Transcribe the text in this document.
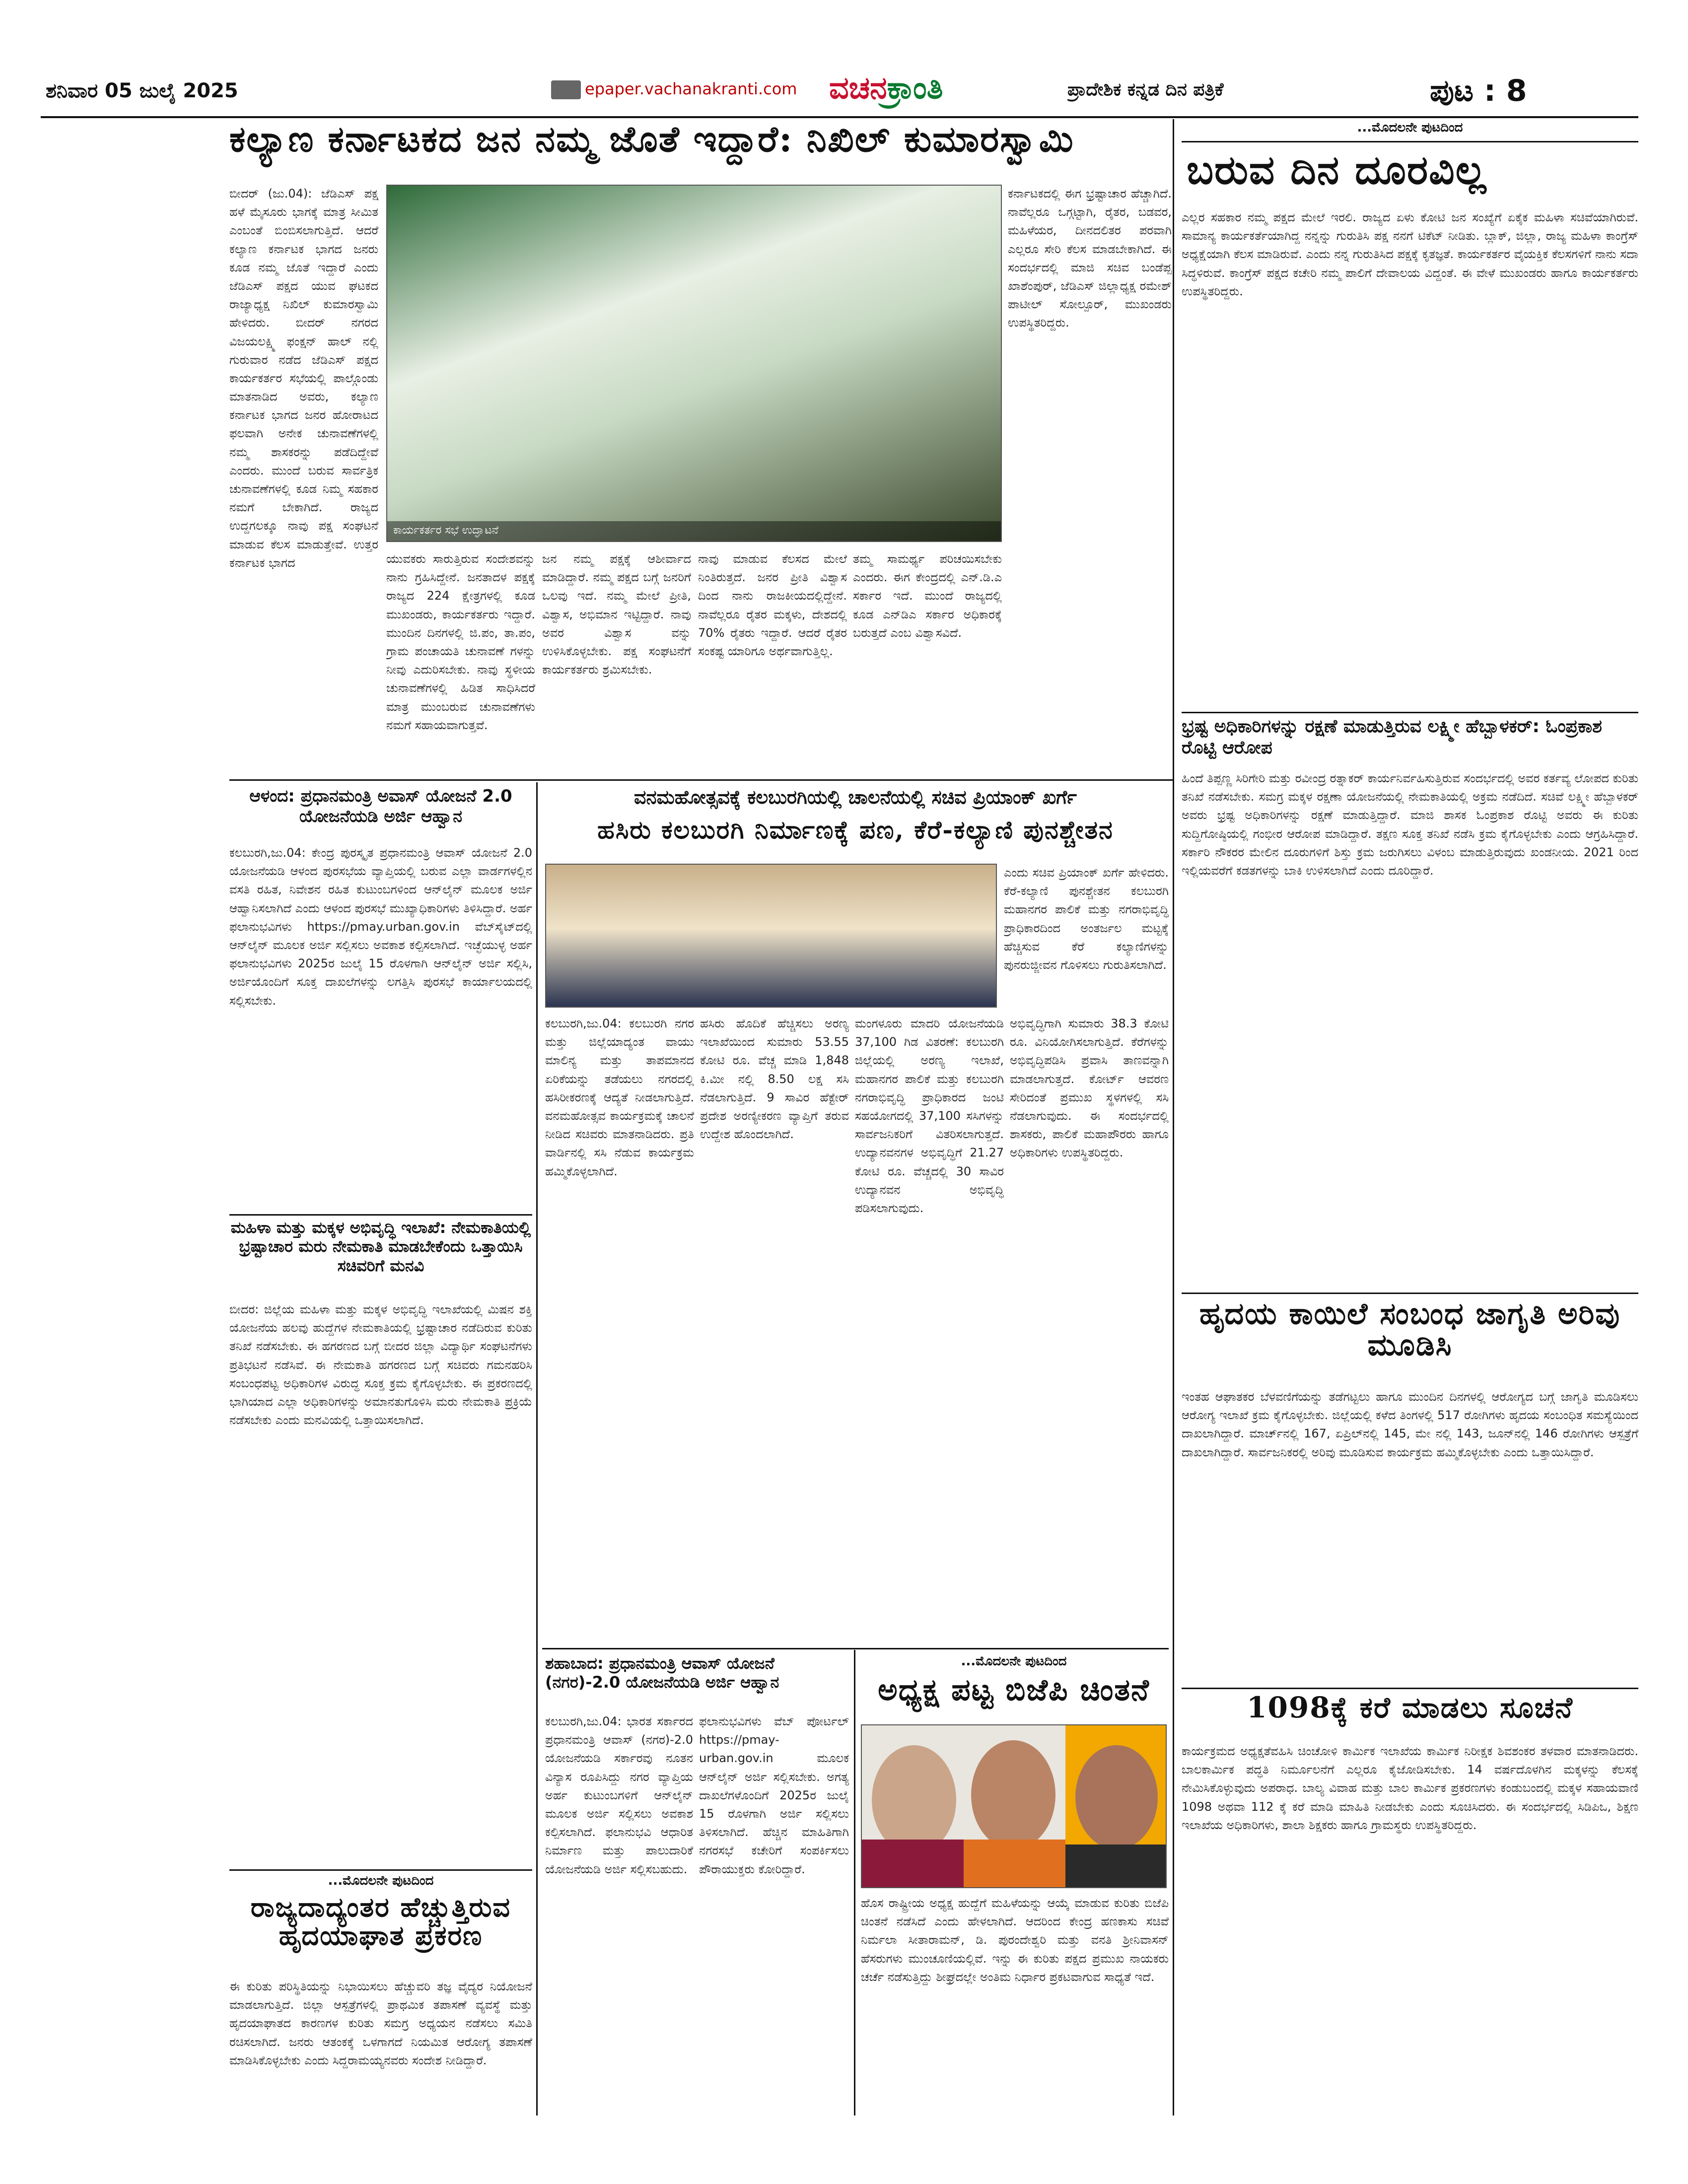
ಶನಿವಾರ 05 ಜುಲೈ 2025	epaper.vachanakranti.com	ವಚನಕ್ರಾಂತಿ	ಪ್ರಾದೇಶಿಕ ಕನ್ನಡ ದಿನ ಪತ್ರಿಕೆ	ಪುಟ : 8
ಕಲ್ಯಾಣ ಕರ್ನಾಟಕದ ಜನ ನಮ್ಮ ಜೊತೆ ಇದ್ದಾರೆ: ನಿಖಿಲ್ ಕುಮಾರಸ್ವಾಮಿ
ಬೀದರ್ (ಜು.04): ಜೆಡಿಎಸ್ ಪಕ್ಷ ಹಳೆ ಮೈಸೂರು ಭಾಗಕ್ಕೆ ಮಾತ್ರ ಸೀಮಿತ ಎಂಬಂತೆ ಬಿಂಬಿಸಲಾಗುತ್ತಿದೆ. ಆದರೆ ಕಲ್ಯಾಣ ಕರ್ನಾಟಕ ಭಾಗದ ಜನರು ಕೂಡ ನಮ್ಮ ಜೊತೆ ಇದ್ದಾರೆ ಎಂದು ಜೆಡಿಎಸ್ ಪಕ್ಷದ ಯುವ ಘಟಕದ ರಾಜ್ಯಾಧ್ಯಕ್ಷ ನಿಖಿಲ್ ಕುಮಾರಸ್ವಾಮಿ ಹೇಳಿದರು. ಬೀದರ್ ನಗರದ ವಿಜಯಲಕ್ಷ್ಮಿ ಫಂಕ್ಷನ್ ಹಾಲ್ ನಲ್ಲಿ ಗುರುವಾರ ನಡೆದ ಜೆಡಿಎಸ್ ಪಕ್ಷದ ಕಾರ್ಯಕರ್ತರ ಸಭೆಯಲ್ಲಿ ಪಾಲ್ಗೊಂಡು ಮಾತನಾಡಿದ ಅವರು, ಕಲ್ಯಾಣ ಕರ್ನಾಟಕ ಭಾಗದ ಜನರ ಹೋರಾಟದ ಫಲವಾಗಿ ಅನೇಕ ಚುನಾವಣೆಗಳಲ್ಲಿ ನಮ್ಮ ಶಾಸಕರನ್ನು ಪಡೆದಿದ್ದೇವೆ ಎಂದರು. ಮುಂದೆ ಬರುವ ಸಾರ್ವತ್ರಿಕ ಚುನಾವಣೆಗಳಲ್ಲಿ ಕೂಡ ನಿಮ್ಮ ಸಹಕಾರ ನಮಗೆ ಬೇಕಾಗಿದೆ. ರಾಜ್ಯದ ಉದ್ದಗಲಕ್ಕೂ ನಾವು ಪಕ್ಷ ಸಂಘಟನೆ ಮಾಡುವ ಕೆಲಸ ಮಾಡುತ್ತೇವೆ. ಉತ್ತರ ಕರ್ನಾಟಕ ಭಾಗದ
ಕಾರ್ಯಕರ್ತರ ಸಭೆ ಉದ್ಘಾಟನೆ
ಕರ್ನಾಟಕದಲ್ಲಿ ಈಗ ಭ್ರಷ್ಟಾಚಾರ ಹೆಚ್ಚಾಗಿದೆ. ನಾವೆಲ್ಲರೂ ಒಗ್ಗಟ್ಟಾಗಿ, ರೈತರ, ಬಡವರ, ಮಹಿಳೆಯರ, ದೀನದಲಿತರ ಪರವಾಗಿ ಎಲ್ಲರೂ ಸೇರಿ ಕೆಲಸ ಮಾಡಬೇಕಾಗಿದೆ. ಈ ಸಂದರ್ಭದಲ್ಲಿ ಮಾಜಿ ಸಚಿವ ಬಂಡೆಪ್ಪ ಖಾಶೆಂಪುರ್, ಜೆಡಿಎಸ್ ಜಿಲ್ಲಾಧ್ಯಕ್ಷ ರಮೇಶ್ ಪಾಟೀಲ್ ಸೋಲ್ಪೂರ್, ಮುಖಂಡರು ಉಪಸ್ಥಿತರಿದ್ದರು.
ಯುವಕರು ಸಾರುತ್ತಿರುವ ಸಂದೇಶವನ್ನು ನಾನು ಗ್ರಹಿಸಿದ್ದೇನೆ. ಜನತಾದಳ ಪಕ್ಷಕ್ಕೆ ರಾಜ್ಯದ 224 ಕ್ಷೇತ್ರಗಳಲ್ಲಿ ಕೂಡ ಮುಖಂಡರು, ಕಾರ್ಯಕರ್ತರು ಇದ್ದಾರೆ. ಮುಂದಿನ ದಿನಗಳಲ್ಲಿ ಜಿ.ಪಂ, ತಾ.ಪಂ, ಗ್ರಾಮ ಪಂಚಾಯತಿ ಚುನಾವಣೆ ಗಳನ್ನು ನೀವು ಎದುರಿಸಬೇಕು. ನಾವು ಸ್ಥಳೀಯ ಚುನಾವಣೆಗಳಲ್ಲಿ ಹಿಡಿತ ಸಾಧಿಸಿದರೆ ಮಾತ್ರ ಮುಂಬರುವ ಚುನಾವಣೆಗಳು ನಮಗೆ ಸಹಾಯವಾಗುತ್ತವೆ.
ಜನ ನಮ್ಮ ಪಕ್ಷಕ್ಕೆ ಆಶೀರ್ವಾದ ಮಾಡಿದ್ದಾರೆ. ನಮ್ಮ ಪಕ್ಷದ ಬಗ್ಗೆ ಜನರಿಗೆ ಒಲವು ಇದೆ. ನಮ್ಮ ಮೇಲೆ ಪ್ರೀತಿ, ವಿಶ್ವಾಸ, ಅಭಿಮಾನ ಇಟ್ಟಿದ್ದಾರೆ. ನಾವು ಅವರ ವಿಶ್ವಾಸ ವನ್ನು ಉಳಿಸಿಕೊಳ್ಳಬೇಕು. ಪಕ್ಷ ಸಂಘಟನೆಗೆ ಕಾರ್ಯಕರ್ತರು ಶ್ರಮಿಸಬೇಕು.
ನಾವು ಮಾಡುವ ಕೆಲಸದ ಮೇಲೆ ನಿಂತಿರುತ್ತದೆ. ಜನರ ಪ್ರೀತಿ ವಿಶ್ವಾಸ ದಿಂದ ನಾನು ರಾಜಕೀಯದಲ್ಲಿದ್ದೇನೆ. ನಾವೆಲ್ಲರೂ ರೈತರ ಮಕ್ಕಳು, ದೇಶದಲ್ಲಿ 70% ರೈತರು ಇದ್ದಾರೆ. ಆದರೆ ರೈತರ ಸಂಕಷ್ಟ ಯಾರಿಗೂ ಅರ್ಥವಾಗುತ್ತಿಲ್ಲ.
ತಮ್ಮ ಸಾಮರ್ಥ್ಯ ಪರಿಚಯಿಸಬೇಕು ಎಂದರು. ಈಗ ಕೇಂದ್ರದಲ್ಲಿ ಎನ್.ಡಿ.ಎ ಸರ್ಕಾರ ಇದೆ. ಮುಂದೆ ರಾಜ್ಯದಲ್ಲಿ ಕೂಡ ಎನ್‌ಡಿಎ ಸರ್ಕಾರ ಅಧಿಕಾರಕ್ಕೆ ಬರುತ್ತದೆ ಎಂಬ ವಿಶ್ವಾಸವಿದೆ.
...ಮೊದಲನೇ ಪುಟದಿಂದ
ಬರುವ ದಿನ ದೂರವಿಲ್ಲ
ಎಲ್ಲರ ಸಹಕಾರ ನಮ್ಮ ಪಕ್ಷದ ಮೇಲೆ ಇರಲಿ. ರಾಜ್ಯದ ಏಳು ಕೋಟಿ ಜನ ಸಂಖ್ಯೆಗೆ ಏಕೈಕ ಮಹಿಳಾ ಸಚಿವೆಯಾಗಿರುವೆ. ಸಾಮಾನ್ಯ ಕಾರ್ಯಕರ್ತೆಯಾಗಿದ್ದ ನನ್ನನ್ನು ಗುರುತಿಸಿ ಪಕ್ಷ ನನಗೆ ಟಿಕೆಟ್ ನೀಡಿತು. ಬ್ಲಾಕ್, ಜಿಲ್ಲಾ, ರಾಜ್ಯ ಮಹಿಳಾ ಕಾಂಗ್ರೆಸ್ ಅಧ್ಯಕ್ಷೆಯಾಗಿ ಕೆಲಸ ಮಾಡಿರುವೆ. ಎಂದು ನನ್ನ ಗುರುತಿಸಿದ ಪಕ್ಷಕ್ಕೆ ಕೃತಜ್ಞತೆ. ಕಾರ್ಯಕರ್ತರ ವೈಯಕ್ತಿಕ ಕೆಲಸಗಳಿಗೆ ನಾನು ಸದಾ ಸಿದ್ಧಳಿರುವೆ. ಕಾಂಗ್ರೆಸ್ ಪಕ್ಷದ ಕಚೇರಿ ನಮ್ಮ ಪಾಲಿಗೆ ದೇವಾಲಯ ವಿದ್ದಂತೆ. ಈ ವೇಳೆ ಮುಖಂಡರು ಹಾಗೂ ಕಾರ್ಯಕರ್ತರು ಉಪಸ್ಥಿತರಿದ್ದರು.
ಭ್ರಷ್ಟ ಅಧಿಕಾರಿಗಳನ್ನು ರಕ್ಷಣೆ ಮಾಡುತ್ತಿರುವ ಲಕ್ಷ್ಮೀ ಹೆಬ್ಬಾಳಕರ್: ಓಂಪ್ರಕಾಶ ರೊಟ್ಟಿ ಆರೋಪ
ಹಿಂದೆ ತಿಪ್ಪಣ್ಣ ಸಿರಿಗೇರಿ ಮತ್ತು ರವೀಂದ್ರ ರತ್ನಾಕರ್ ಕಾರ್ಯನಿರ್ವಹಿಸುತ್ತಿರುವ ಸಂದರ್ಭದಲ್ಲಿ ಅವರ ಕರ್ತವ್ಯ ಲೋಪದ ಕುರಿತು ತನಿಖೆ ನಡೆಸಬೇಕು. ಸಮಗ್ರ ಮಕ್ಕಳ ರಕ್ಷಣಾ ಯೋಜನೆಯಲ್ಲಿ ನೇಮಕಾತಿಯಲ್ಲಿ ಅಕ್ರಮ ನಡೆದಿದೆ. ಸಚಿವೆ ಲಕ್ಷ್ಮೀ ಹೆಬ್ಬಾಳಕರ್ ಅವರು ಭ್ರಷ್ಟ ಅಧಿಕಾರಿಗಳನ್ನು ರಕ್ಷಣೆ ಮಾಡುತ್ತಿದ್ದಾರೆ. ಮಾಜಿ ಶಾಸಕ ಓಂಪ್ರಕಾಶ ರೊಟ್ಟಿ ಅವರು ಈ ಕುರಿತು ಸುದ್ದಿಗೋಷ್ಠಿಯಲ್ಲಿ ಗಂಭೀರ ಆರೋಪ ಮಾಡಿದ್ದಾರೆ. ತಕ್ಷಣ ಸೂಕ್ತ ತನಿಖೆ ನಡೆಸಿ ಕ್ರಮ ಕೈಗೊಳ್ಳಬೇಕು ಎಂದು ಆಗ್ರಹಿಸಿದ್ದಾರೆ. ಸರ್ಕಾರಿ ನೌಕರರ ಮೇಲಿನ ದೂರುಗಳಿಗೆ ಶಿಸ್ತು ಕ್ರಮ ಜರುಗಿಸಲು ವಿಳಂಬ ಮಾಡುತ್ತಿರುವುದು ಖಂಡನೀಯ. 2021 ರಿಂದ ಇಲ್ಲಿಯವರೆಗೆ ಕಡತಗಳನ್ನು ಬಾಕಿ ಉಳಿಸಲಾಗಿದೆ ಎಂದು ದೂರಿದ್ದಾರೆ.
ಹೃದಯ ಕಾಯಿಲೆ ಸಂಬಂಧ ಜಾಗೃತಿ ಅರಿವು ಮೂಡಿಸಿ
ಇಂತಹ ಆಘಾತಕರ ಬೆಳವಣಿಗೆಯನ್ನು ತಡೆಗಟ್ಟಲು ಹಾಗೂ ಮುಂದಿನ ದಿನಗಳಲ್ಲಿ ಆರೋಗ್ಯದ ಬಗ್ಗೆ ಜಾಗೃತಿ ಮೂಡಿಸಲು ಆರೋಗ್ಯ ಇಲಾಖೆ ಕ್ರಮ ಕೈಗೊಳ್ಳಬೇಕು. ಜಿಲ್ಲೆಯಲ್ಲಿ ಕಳೆದ ತಿಂಗಳಲ್ಲಿ 517 ರೋಗಿಗಳು ಹೃದಯ ಸಂಬಂಧಿತ ಸಮಸ್ಯೆಯಿಂದ ದಾಖಲಾಗಿದ್ದಾರೆ. ಮಾರ್ಚ್‌ನಲ್ಲಿ 167, ಏಪ್ರಿಲ್‌ನಲ್ಲಿ 145, ಮೇ ನಲ್ಲಿ 143, ಜೂನ್‌ನಲ್ಲಿ 146 ರೋಗಿಗಳು ಆಸ್ಪತ್ರೆಗೆ ದಾಖಲಾಗಿದ್ದಾರೆ. ಸಾರ್ವಜನಿಕರಲ್ಲಿ ಅರಿವು ಮೂಡಿಸುವ ಕಾರ್ಯಕ್ರಮ ಹಮ್ಮಿಕೊಳ್ಳಬೇಕು ಎಂದು ಒತ್ತಾಯಿಸಿದ್ದಾರೆ.
1098ಕ್ಕೆ ಕರೆ ಮಾಡಲು ಸೂಚನೆ
ಕಾರ್ಯಕ್ರಮದ ಅಧ್ಯಕ್ಷತೆವಹಿಸಿ ಚಿಂಚೋಳಿ ಕಾರ್ಮಿಕ ಇಲಾಖೆಯ ಕಾರ್ಮಿಕ ನಿರೀಕ್ಷಕ ಶಿವಶಂಕರ ತಳವಾರ ಮಾತನಾಡಿದರು. ಬಾಲಕಾರ್ಮಿಕ ಪದ್ಧತಿ ನಿರ್ಮೂಲನೆಗೆ ಎಲ್ಲರೂ ಕೈಜೋಡಿಸಬೇಕು. 14 ವರ್ಷದೊಳಗಿನ ಮಕ್ಕಳನ್ನು ಕೆಲಸಕ್ಕೆ ನೇಮಿಸಿಕೊಳ್ಳುವುದು ಅಪರಾಧ. ಬಾಲ್ಯ ವಿವಾಹ ಮತ್ತು ಬಾಲ ಕಾರ್ಮಿಕ ಪ್ರಕರಣಗಳು ಕಂಡುಬಂದಲ್ಲಿ ಮಕ್ಕಳ ಸಹಾಯವಾಣಿ 1098 ಅಥವಾ 112 ಕ್ಕೆ ಕರೆ ಮಾಡಿ ಮಾಹಿತಿ ನೀಡಬೇಕು ಎಂದು ಸೂಚಿಸಿದರು. ಈ ಸಂದರ್ಭದಲ್ಲಿ ಸಿಡಿಪಿಒ, ಶಿಕ್ಷಣ ಇಲಾಖೆಯ ಅಧಿಕಾರಿಗಳು, ಶಾಲಾ ಶಿಕ್ಷಕರು ಹಾಗೂ ಗ್ರಾಮಸ್ಥರು ಉಪಸ್ಥಿತರಿದ್ದರು.
ಆಳಂದ: ಪ್ರಧಾನಮಂತ್ರಿ ಅವಾಸ್ ಯೋಜನೆ 2.0 ಯೋಜನೆಯಡಿ ಅರ್ಜಿ ಆಹ್ವಾನ
ಕಲಬುರಗಿ,ಜು.04: ಕೇಂದ್ರ ಪುರಸ್ಕೃತ ಪ್ರಧಾನಮಂತ್ರಿ ಆವಾಸ್ ಯೋಜನೆ 2.0 ಯೋಜನೆಯಡಿ ಆಳಂದ ಪುರಸಭೆಯ ವ್ಯಾಪ್ತಿಯಲ್ಲಿ ಬರುವ ಎಲ್ಲಾ ವಾರ್ಡಗಳಲ್ಲಿನ ವಸತಿ ರಹಿತ, ನಿವೇಶನ ರಹಿತ ಕುಟುಂಬಗಳಿಂದ ಆನ್‌ಲೈನ್ ಮೂಲಕ ಅರ್ಜಿ ಆಹ್ವಾನಿಸಲಾಗಿದೆ ಎಂದು ಆಳಂದ ಪುರಸಭೆ ಮುಖ್ಯಾಧಿಕಾರಿಗಳು ತಿಳಿಸಿದ್ದಾರೆ. ಅರ್ಹ ಫಲಾನುಭವಿಗಳು https://pmay.urban.gov.in ವೆಬ್‌ಸೈಟ್‌ದಲ್ಲಿ ಆನ್‌ಲೈನ್ ಮೂಲಕ ಅರ್ಜಿ ಸಲ್ಲಿಸಲು ಅವಕಾಶ ಕಲ್ಪಿಸಲಾಗಿದೆ. ಇಚ್ಛೆಯುಳ್ಳ ಅರ್ಹ ಫಲಾನುಭವಿಗಳು 2025ರ ಜುಲೈ 15 ರೊಳಗಾಗಿ ಆನ್‌ಲೈನ್ ಅರ್ಜಿ ಸಲ್ಲಿಸಿ, ಅರ್ಜಿಯೊಂದಿಗೆ ಸೂಕ್ತ ದಾಖಲೆಗಳನ್ನು ಲಗತ್ತಿಸಿ ಪುರಸಭೆ ಕಾರ್ಯಾಲಯದಲ್ಲಿ ಸಲ್ಲಿಸಬೇಕು.
ಮಹಿಳಾ ಮತ್ತು ಮಕ್ಕಳ ಅಭಿವೃದ್ಧಿ ಇಲಾಖೆ: ನೇಮಕಾತಿಯಲ್ಲಿ ಭ್ರಷ್ಟಾಚಾರ ಮರು ನೇಮಕಾತಿ ಮಾಡಬೇಕೆಂದು ಒತ್ತಾಯಿಸಿ ಸಚಿವರಿಗೆ ಮನವಿ
ಬೀದರ: ಜಿಲ್ಲೆಯ ಮಹಿಳಾ ಮತ್ತು ಮಕ್ಕಳ ಅಭಿವೃದ್ಧಿ ಇಲಾಖೆಯಲ್ಲಿ ಮಿಷನ ಶಕ್ತಿ ಯೋಜನೆಯ ಹಲವು ಹುದ್ದೆಗಳ ನೇಮಕಾತಿಯಲ್ಲಿ ಭ್ರಷ್ಟಾಚಾರ ನಡೆದಿರುವ ಕುರಿತು ತನಿಖೆ ನಡೆಸಬೇಕು. ಈ ಹಗರಣದ ಬಗ್ಗೆ ಬೀದರ ಜಿಲ್ಲಾ ವಿದ್ಯಾರ್ಥಿ ಸಂಘಟನೆಗಳು ಪ್ರತಿಭಟನೆ ನಡೆಸಿವೆ. ಈ ನೇಮಕಾತಿ ಹಗರಣದ ಬಗ್ಗೆ ಸಚಿವರು ಗಮನಹರಿಸಿ ಸಂಬಂಧಪಟ್ಟ ಅಧಿಕಾರಿಗಳ ವಿರುದ್ಧ ಸೂಕ್ತ ಕ್ರಮ ಕೈಗೊಳ್ಳಬೇಕು. ಈ ಪ್ರಕರಣದಲ್ಲಿ ಭಾಗಿಯಾದ ಎಲ್ಲಾ ಅಧಿಕಾರಿಗಳನ್ನು ಅಮಾನತುಗೊಳಿಸಿ ಮರು ನೇಮಕಾತಿ ಪ್ರಕ್ರಿಯೆ ನಡೆಸಬೇಕು ಎಂದು ಮನವಿಯಲ್ಲಿ ಒತ್ತಾಯಿಸಲಾಗಿದೆ.
...ಮೊದಲನೇ ಪುಟದಿಂದ
ರಾಜ್ಯದಾದ್ಯಂತರ ಹೆಚ್ಚುತ್ತಿರುವ ಹೃದಯಾಘಾತ ಪ್ರಕರಣ
ಈ ಕುರಿತು ಪರಿಸ್ಥಿತಿಯನ್ನು ನಿಭಾಯಿಸಲು ಹೆಚ್ಚುವರಿ ತಜ್ಞ ವೈದ್ಯರ ನಿಯೋಜನೆ ಮಾಡಲಾಗುತ್ತಿದೆ. ಜಿಲ್ಲಾ ಆಸ್ಪತ್ರೆಗಳಲ್ಲಿ ಪ್ರಾಥಮಿಕ ತಪಾಸಣೆ ವ್ಯವಸ್ಥೆ ಮತ್ತು ಹೃದಯಾಘಾತದ ಕಾರಣಗಳ ಕುರಿತು ಸಮಗ್ರ ಅಧ್ಯಯನ ನಡೆಸಲು ಸಮಿತಿ ರಚಿಸಲಾಗಿದೆ. ಜನರು ಆತಂಕಕ್ಕೆ ಒಳಗಾಗದೆ ನಿಯಮಿತ ಆರೋಗ್ಯ ತಪಾಸಣೆ ಮಾಡಿಸಿಕೊಳ್ಳಬೇಕು ಎಂದು ಸಿದ್ದರಾಮಯ್ಯನವರು ಸಂದೇಶ ನೀಡಿದ್ದಾರೆ.
ವನಮಹೋತ್ಸವಕ್ಕೆ ಕಲಬುರಗಿಯಲ್ಲಿ ಚಾಲನೆಯಲ್ಲಿ ಸಚಿವ ಪ್ರಿಯಾಂಕ್ ಖರ್ಗೆ
ಹಸಿರು ಕಲಬುರಗಿ ನಿರ್ಮಾಣಕ್ಕೆ ಪಣ, ಕೆರೆ-ಕಲ್ಯಾಣಿ ಪುನಶ್ಚೇತನ
ಎಂದು ಸಚಿವ ಪ್ರಿಯಾಂಕ್ ಖರ್ಗೆ ಹೇಳಿದರು. ಕೆರೆ-ಕಲ್ಯಾಣಿ ಪುನಶ್ಚೇತನ ಕಲಬುರಗಿ ಮಹಾನಗರ ಪಾಲಿಕೆ ಮತ್ತು ನಗರಾಭಿವೃದ್ಧಿ ಪ್ರಾಧಿಕಾರದಿಂದ ಅಂತರ್ಜಲ ಮಟ್ಟಕ್ಕೆ ಹೆಚ್ಚಿಸುವ ಕೆರೆ ಕಲ್ಯಾಣಿಗಳನ್ನು ಪುನರುಜ್ಜೀವನ ಗೊಳಿಸಲು ಗುರುತಿಸಲಾಗಿದೆ.
ಕಲಬುರಗಿ,ಜು.04: ಕಲಬುರಗಿ ನಗರ ಮತ್ತು ಜಿಲ್ಲೆಯಾದ್ಯಂತ ವಾಯು ಮಾಲಿನ್ಯ ಮತ್ತು ತಾಪಮಾನದ ಏರಿಕೆಯನ್ನು ತಡೆಯಲು ನಗರದಲ್ಲಿ ಹಸಿರೀಕರಣಕ್ಕೆ ಆದ್ಯತೆ ನೀಡಲಾಗುತ್ತಿದೆ. ವನಮಹೋತ್ಸವ ಕಾರ್ಯಕ್ರಮಕ್ಕೆ ಚಾಲನೆ ನೀಡಿದ ಸಚಿವರು ಮಾತನಾಡಿದರು. ಪ್ರತಿ ವಾರ್ಡಿನಲ್ಲಿ ಸಸಿ ನೆಡುವ ಕಾರ್ಯಕ್ರಮ ಹಮ್ಮಿಕೊಳ್ಳಲಾಗಿದೆ.
ಹಸಿರು ಹೊದಿಕೆ ಹೆಚ್ಚಿಸಲು ಅರಣ್ಯ ಇಲಾಖೆಯಿಂದ ಸುಮಾರು 53.55 ಕೋಟಿ ರೂ. ವೆಚ್ಚ ಮಾಡಿ 1,848 ಕಿ.ಮೀ ನಲ್ಲಿ 8.50 ಲಕ್ಷ ಸಸಿ ನೆಡಲಾಗುತ್ತಿದೆ. 9 ಸಾವಿರ ಹೆಕ್ಟೇರ್ ಪ್ರದೇಶ ಅರಣ್ಯೀಕರಣ ವ್ಯಾಪ್ತಿಗೆ ತರುವ ಉದ್ದೇಶ ಹೊಂದಲಾಗಿದೆ.
ಮಂಗಳೂರು ಮಾದರಿ ಯೋಜನೆಯಡಿ 37,100 ಗಿಡ ವಿತರಣೆ: ಕಲಬುರಗಿ ಜಿಲ್ಲೆಯಲ್ಲಿ ಅರಣ್ಯ ಇಲಾಖೆ, ಮಹಾನಗರ ಪಾಲಿಕೆ ಮತ್ತು ಕಲಬುರಗಿ ನಗರಾಭಿವೃದ್ಧಿ ಪ್ರಾಧಿಕಾರದ ಜಂಟಿ ಸಹಯೋಗದಲ್ಲಿ 37,100 ಸಸಿಗಳನ್ನು ಸಾರ್ವಜನಿಕರಿಗೆ ವಿತರಿಸಲಾಗುತ್ತದೆ. ಉದ್ಯಾನವನಗಳ ಅಭಿವೃದ್ಧಿಗೆ 21.27 ಕೋಟಿ ರೂ. ವೆಚ್ಚದಲ್ಲಿ 30 ಸಾವಿರ ಉದ್ಯಾನವನ ಅಭಿವೃದ್ಧಿ ಪಡಿಸಲಾಗುವುದು.
ಅಭಿವೃದ್ಧಿಗಾಗಿ ಸುಮಾರು 38.3 ಕೋಟಿ ರೂ. ವಿನಿಯೋಗಿಸಲಾಗುತ್ತಿದೆ. ಕೆರೆಗಳನ್ನು ಅಭಿವೃದ್ಧಿಪಡಿಸಿ ಪ್ರವಾಸಿ ತಾಣವನ್ನಾಗಿ ಮಾಡಲಾಗುತ್ತದೆ. ಕೋರ್ಟ್ ಆವರಣ ಸೇರಿದಂತೆ ಪ್ರಮುಖ ಸ್ಥಳಗಳಲ್ಲಿ ಸಸಿ ನೆಡಲಾಗುವುದು. ಈ ಸಂದರ್ಭದಲ್ಲಿ ಶಾಸಕರು, ಪಾಲಿಕೆ ಮಹಾಪೌರರು ಹಾಗೂ ಅಧಿಕಾರಿಗಳು ಉಪಸ್ಥಿತರಿದ್ದರು.
ಶಹಾಬಾದ: ಪ್ರಧಾನಮಂತ್ರಿ ಆವಾಸ್ ಯೋಜನೆ (ನಗರ)-2.0 ಯೋಜನೆಯಡಿ ಅರ್ಜಿ ಆಹ್ವಾನ
ಕಲಬುರಗಿ,ಜು.04: ಭಾರತ ಸರ್ಕಾರದ ಪ್ರಧಾನಮಂತ್ರಿ ಆವಾಸ್ (ನಗರ)-2.0 ಯೋಜನೆಯಡಿ ಸರ್ಕಾರವು ನೂತನ ವಿನ್ಯಾಸ ರೂಪಿಸಿದ್ದು ನಗರ ವ್ಯಾಪ್ತಿಯ ಅರ್ಹ ಕುಟುಂಬಗಳಿಗೆ ಆನ್‌ಲೈನ್ ಮೂಲಕ ಅರ್ಜಿ ಸಲ್ಲಿಸಲು ಅವಕಾಶ ಕಲ್ಪಿಸಲಾಗಿದೆ. ಫಲಾನುಭವಿ ಆಧಾರಿತ ನಿರ್ಮಾಣ ಮತ್ತು ಪಾಲುದಾರಿಕೆ ಯೋಜನೆಯಡಿ ಅರ್ಜಿ ಸಲ್ಲಿಸಬಹುದು.
ಫಲಾನುಭವಿಗಳು ವೆಬ್ ಪೋರ್ಟಲ್ https://pmay-urban.gov.in ಮೂಲಕ ಆನ್‌ಲೈನ್ ಅರ್ಜಿ ಸಲ್ಲಿಸಬೇಕು. ಅಗತ್ಯ ದಾಖಲೆಗಳೊಂದಿಗೆ 2025ರ ಜುಲೈ 15 ರೊಳಗಾಗಿ ಅರ್ಜಿ ಸಲ್ಲಿಸಲು ತಿಳಿಸಲಾಗಿದೆ. ಹೆಚ್ಚಿನ ಮಾಹಿತಿಗಾಗಿ ನಗರಸಭೆ ಕಚೇರಿಗೆ ಸಂಪರ್ಕಿಸಲು ಪೌರಾಯುಕ್ತರು ಕೋರಿದ್ದಾರೆ.
...ಮೊದಲನೇ ಪುಟದಿಂದ
ಅಧ್ಯಕ್ಷ ಪಟ್ಟ ಬಿಜೆಪಿ ಚಿಂತನೆ
ಹೊಸ ರಾಷ್ಟ್ರೀಯ ಅಧ್ಯಕ್ಷ ಹುದ್ದೆಗೆ ಮಹಿಳೆಯನ್ನು ಆಯ್ಕೆ ಮಾಡುವ ಕುರಿತು ಬಿಜೆಪಿ ಚಿಂತನೆ ನಡೆಸಿದೆ ಎಂದು ಹೇಳಲಾಗಿದೆ. ಆದರಿಂದ ಕೇಂದ್ರ ಹಣಕಾಸು ಸಚಿವೆ ನಿರ್ಮಲಾ ಸೀತಾರಾಮನ್, ಡಿ. ಪುರಂದೇಶ್ವರಿ ಮತ್ತು ವನತಿ ಶ್ರೀನಿವಾಸನ್ ಹೆಸರುಗಳು ಮುಂಚೂಣಿಯಲ್ಲಿವೆ. ಇನ್ನು ಈ ಕುರಿತು ಪಕ್ಷದ ಪ್ರಮುಖ ನಾಯಕರು ಚರ್ಚೆ ನಡೆಸುತ್ತಿದ್ದು ಶೀಘ್ರದಲ್ಲೇ ಅಂತಿಮ ನಿರ್ಧಾರ ಪ್ರಕಟವಾಗುವ ಸಾಧ್ಯತೆ ಇದೆ.
